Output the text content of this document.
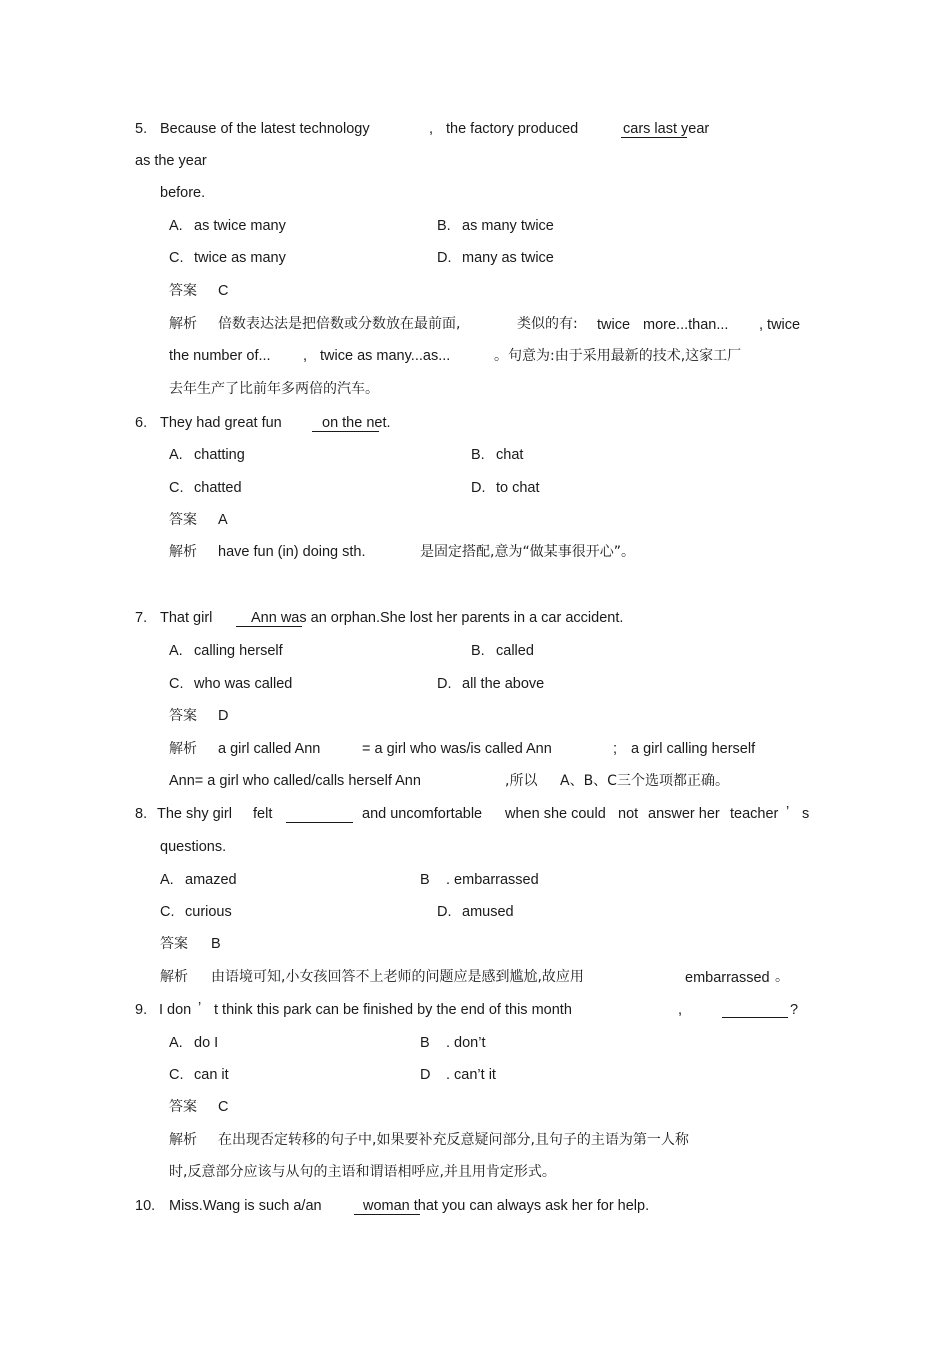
5. Because of the latest technology	, the factory produced	cars last year
as the year
before.
A. as twice many	B. as many twice
C. twice as many	D. many as twice
答案 C
解析 倍数表达法是把倍数或分数放在最前面,	类似的有: twice more...than... , twice
the number of... , twice as many...as...	。句意为:由于采用最新的技术,这家工厂
去年生产了比前年多两倍的汽车。
6. They had great fun	on the net.
A. chatting	B. chat
C. chatted	D. to chat
答案 A
解析 have fun (in) doing sth.	是固定搭配,意为“做某事很开心”。
7. That girl	Ann was an orphan.She lost her parents in a car accident.
A. calling herself	B. called
C. who was called	D. all the above
答案 D
解析 a girl called Ann	= a girl who was/is called Ann	; a girl calling herself
Ann= a girl who called/calls herself Ann	,所以 A、B、C三个选项都正确。
8. The shy girl felt	and uncomfortable when she could not answer her teacher ’ s
questions.
A. amazed	B . embarrassed
C. curious	D. amused
答案 B
解析 由语境可知,小女孩回答不上老师的问题应是感到尴尬,故应用	embarrassed 。
9. I don ’ t think this park can be finished by the end of this month	,	?
A. do I	B . don’t
C. can it	D . can’t it
答案 C
解析 在出现否定转移的句子中,如果要补充反意疑问部分,且句子的主语为第一人称
时,反意部分应该与从句的主语和谓语相呼应,并且用肯定形式。
10. Miss.Wang is such a/an	woman that you can always ask her for help.
